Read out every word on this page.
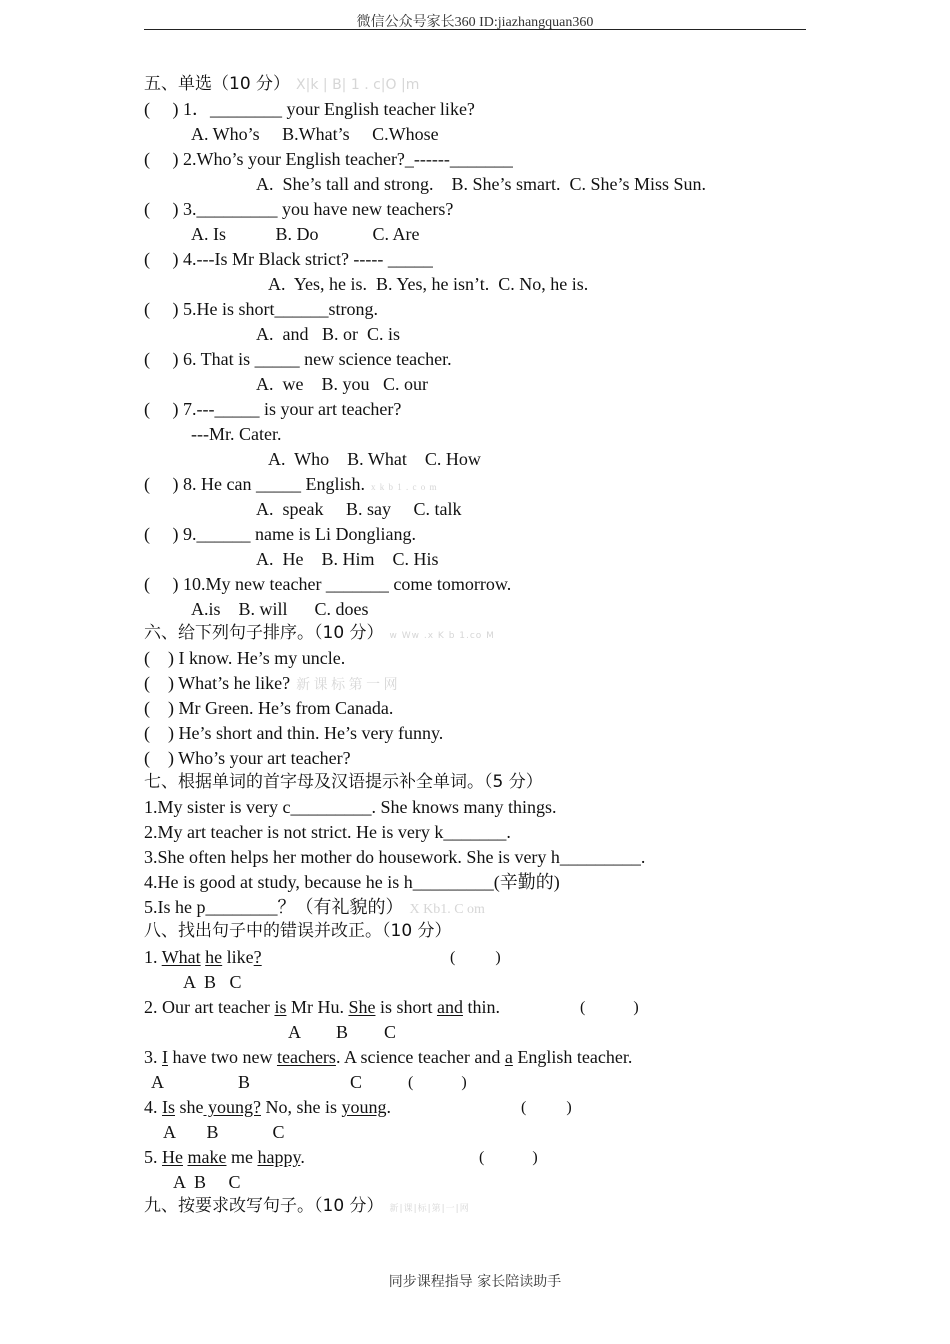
微信公众号家长360 ID:jiazhangquan360
五、单选（10 分） X|k | B| 1 . c|O |m
(     ) 1．________ your English teacher like?
A. Who’s     B.What’s     C.Whose
(     ) 2.Who’s your English teacher?_------_______
A.  She’s tall and strong.    B. She’s smart.  C. She’s Miss Sun.
(     ) 3._________ you have new teachers?
A. Is           B. Do            C. Are
(     ) 4.---Is Mr Black strict? ----- _____
A.  Yes, he is.  B. Yes, he isn’t.  C. No, he is.
(     ) 5.He is short______strong.
A.  and   B. or  C. is
(     ) 6. That is _____ new science teacher.
A.  we    B. you   C. our
(     ) 7.---_____ is your art teacher?
---Mr. Cater.
A.  Who    B. What    C. How
(     ) 8. He can _____ English. x k b 1 . c o m
A.  speak     B. say     C. talk
(     ) 9.______ name is Li Dongliang.
A.  He    B. Him    C. His
(     ) 10.My new teacher _______ come tomorrow.
A.is    B. will      C. does
六、给下列句子排序。（10 分） w Ww .x K b 1.co M
(    ) I know. He’s my uncle.
(    ) What’s he like? 新 课 标 第 一 网
(    ) Mr Green. He’s from Canada.
(    ) He’s short and thin. He’s very funny.
(    ) Who’s your art teacher?
七、根据单词的首字母及汉语提示补全单词。（5 分）
1.My sister is very c_________. She knows many things.
2.My art teacher is not strict. He is very k_______.
3.She often helps her mother do housework. She is very h_________.
4.He is good at study, because he is h_________(辛勤的)
5.Is he p________？（有礼貌的） X Kb1. C om
八、找出句子中的错误并改正。（10 分）
1. What he like?	(          )
A  B   C
2. Our art teacher is Mr Hu. She is short and thin.	(            )
A        B        C
3. I have two new teachers. A science teacher and a English teacher.
A	B	C	(            )
4. Is she young? No, she is young.	(          )
A       B            C
5. He make me happy.	(            )
A  B     C
九、按要求改写句子。（10 分） 新|课|标|第|一|网
同步课程指导 家长陪读助手
